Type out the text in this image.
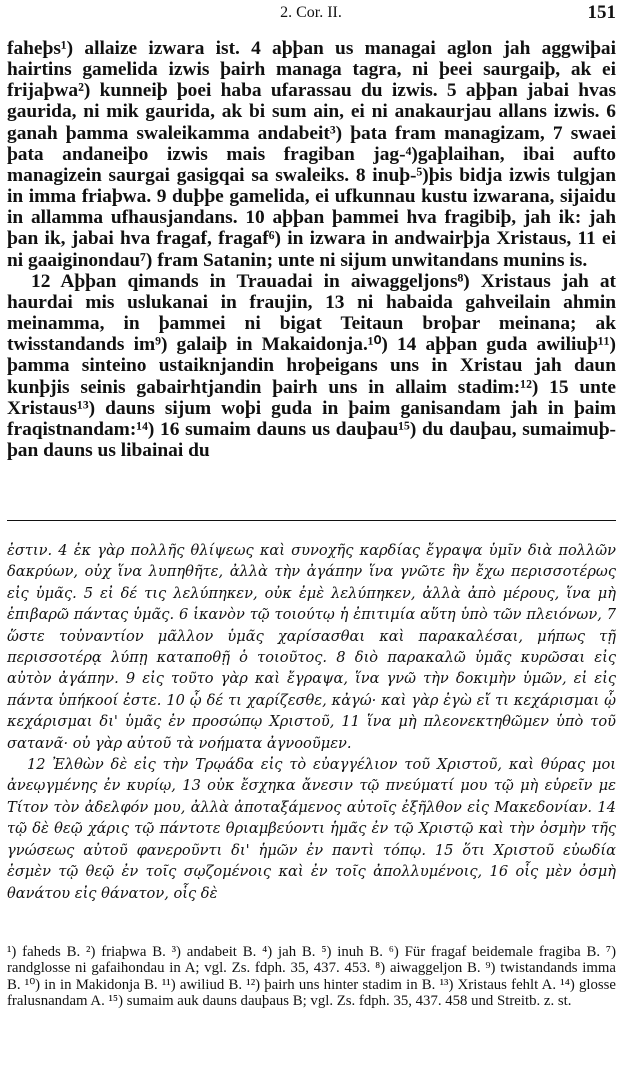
2. Cor. II.	151

faheþs¹) allaize izwara ist. 4 aþþan us managai aglon jah aggwiþai hairtins gamelida izwis þairh managa tagra, ni þeei saurgaiþ, ak ei frijaþwa²) kunneiþ þoei haba ufarassau du izwis. 5 aþþan jabai hvas gaurida, ni mik gaurida, ak bi sum ain, ei ni anakaurjau allans izwis. 6 ganah þamma swaleikamma andabeit³) þata fram managizam, 7 swaei þata andaneiþo izwis mais fragiban jag-⁴)gaþlaihan, ibai aufto managizein saurgai gasigqai sa swaleiks. 8 inuþ-⁵)þis bidja izwis tulgjan in imma friaþwa. 9 duþþe gamelida, ei ufkunnau kustu izwarana, sijaidu in allamma ufhausjandans. 10 aþþan þammei hva fragibiþ, jah ik: jah þan ik, jabai hva fragaf, fragaf⁶) in izwara in andwairþja Xristaus, 11 ei ni gaaiginondau⁷) fram Satanin; unte ni sijum unwitandans munins is.

12 Aþþan qimands in Trauadai in aiwaggeljons⁸) Xristaus jah at haurdai mis uslukanai in fraujin, 13 ni habaida gahveilain ahmin meinamma, in þammei ni bigat Teitaun broþar meinana; ak twisstandands im⁹) galaiþ in Makaidonja.¹⁰) 14 aþþan guda awiliuþ¹¹) þamma sinteino ustaiknjandin hroþeigans uns in Xristau jah daun kunþjis seinis gabairhtjandin þairh uns in allaim stadim:¹²) 15 unte Xristaus¹³) dauns sijum woþi guda in þaim ganisandam jah in þaim fraqistnandam:¹⁴) 16 sumaim dauns us dauþau¹⁵) du dauþau, sumaimuþ-þan dauns us libainai du

ἐστιν. 4 ἐκ γὰρ πολλῆς θλίψεως καὶ συνοχῆς καρδίας ἔγραψα ὑμῖν διὰ πολλῶν δακρύων, οὐχ ἵνα λυπηθῆτε, ἀλλὰ τὴν ἀγάπην ἵνα γνῶτε ἣν ἔχω περισσοτέρως εἰς ὑμᾶς. 5 εἰ δέ τις λελύπηκεν, οὐκ ἐμὲ λελύπηκεν, ἀλλὰ ἀπὸ μέρους, ἵνα μὴ ἐπιβαρῶ πάντας ὑμᾶς. 6 ἱκανὸν τῷ τοιούτῳ ἡ ἐπιτιμία αὕτη ὑπὸ τῶν πλειόνων, 7 ὥστε τοὐναντίον μᾶλλον ὑμᾶς χαρίσασθαι καὶ παρακαλέσαι, μήπως τῇ περισσοτέρᾳ λύπῃ καταποθῇ ὁ τοιοῦτος. 8 διὸ παρακαλῶ ὑμᾶς κυρῶσαι εἰς αὐτὸν ἀγάπην. 9 εἰς τοῦτο γὰρ καὶ ἔγραψα, ἵνα γνῶ τὴν δοκιμὴν ὑμῶν, εἰ εἰς πάντα ὑπήκοοί ἐστε. 10 ᾧ δέ τι χαρίζεσθε, κἀγώ· καὶ γὰρ ἐγὼ εἴ τι κεχάρισμαι ᾧ κεχάρισμαι δι' ὑμᾶς ἐν προσώπῳ Χριστοῦ, 11 ἵνα μὴ πλεονεκτηθῶμεν ὑπὸ τοῦ σατανᾶ· οὐ γὰρ αὐτοῦ τὰ νοήματα ἀγνοοῦμεν.

12 Ἐλθὼν δὲ εἰς τὴν Τρῳάδα εἰς τὸ εὐαγγέλιον τοῦ Χριστοῦ, καὶ θύρας μοι ἀνεῳγμένης ἐν κυρίῳ, 13 οὐκ ἔσχηκα ἄνεσιν τῷ πνεύματί μου τῷ μὴ εὑρεῖν με Τίτον τὸν ἀδελφόν μου, ἀλλὰ ἀποταξάμενος αὐτοῖς ἐξῆλθον εἰς Μακεδονίαν. 14 τῷ δὲ θεῷ χάρις τῷ πάντοτε θριαμβεύοντι ἡμᾶς ἐν τῷ Χριστῷ καὶ τὴν ὀσμὴν τῆς γνώσεως αὐτοῦ φανεροῦντι δι' ἡμῶν ἐν παντὶ τόπῳ. 15 ὅτι Χριστοῦ εὐωδία ἐσμὲν τῷ θεῷ ἐν τοῖς σῳζομένοις καὶ ἐν τοῖς ἀπολλυμένοις, 16 οἷς μὲν ὀσμὴ θανάτου εἰς θάνατον, οἷς δὲ

¹) faheds B. ²) friaþwa B. ³) andabeit B. ⁴) jah B. ⁵) inuh B. ⁶) Für fragaf beidemale fragiba B. ⁷) randglosse ni gafaihondau in A; vgl. Zs. fdph. 35, 437. 453. ⁸) aiwaggeljon B. ⁹) twistandands imma B. ¹⁰) in in Makidonja B. ¹¹) awiliud B. ¹²) þairh uns hinter stadim in B. ¹³) Xristaus fehlt A. ¹⁴) glosse fralusnandam A. ¹⁵) sumaim auk dauns dauþaus B; vgl. Zs. fdph. 35, 437. 458 und Streitb. z. st.
